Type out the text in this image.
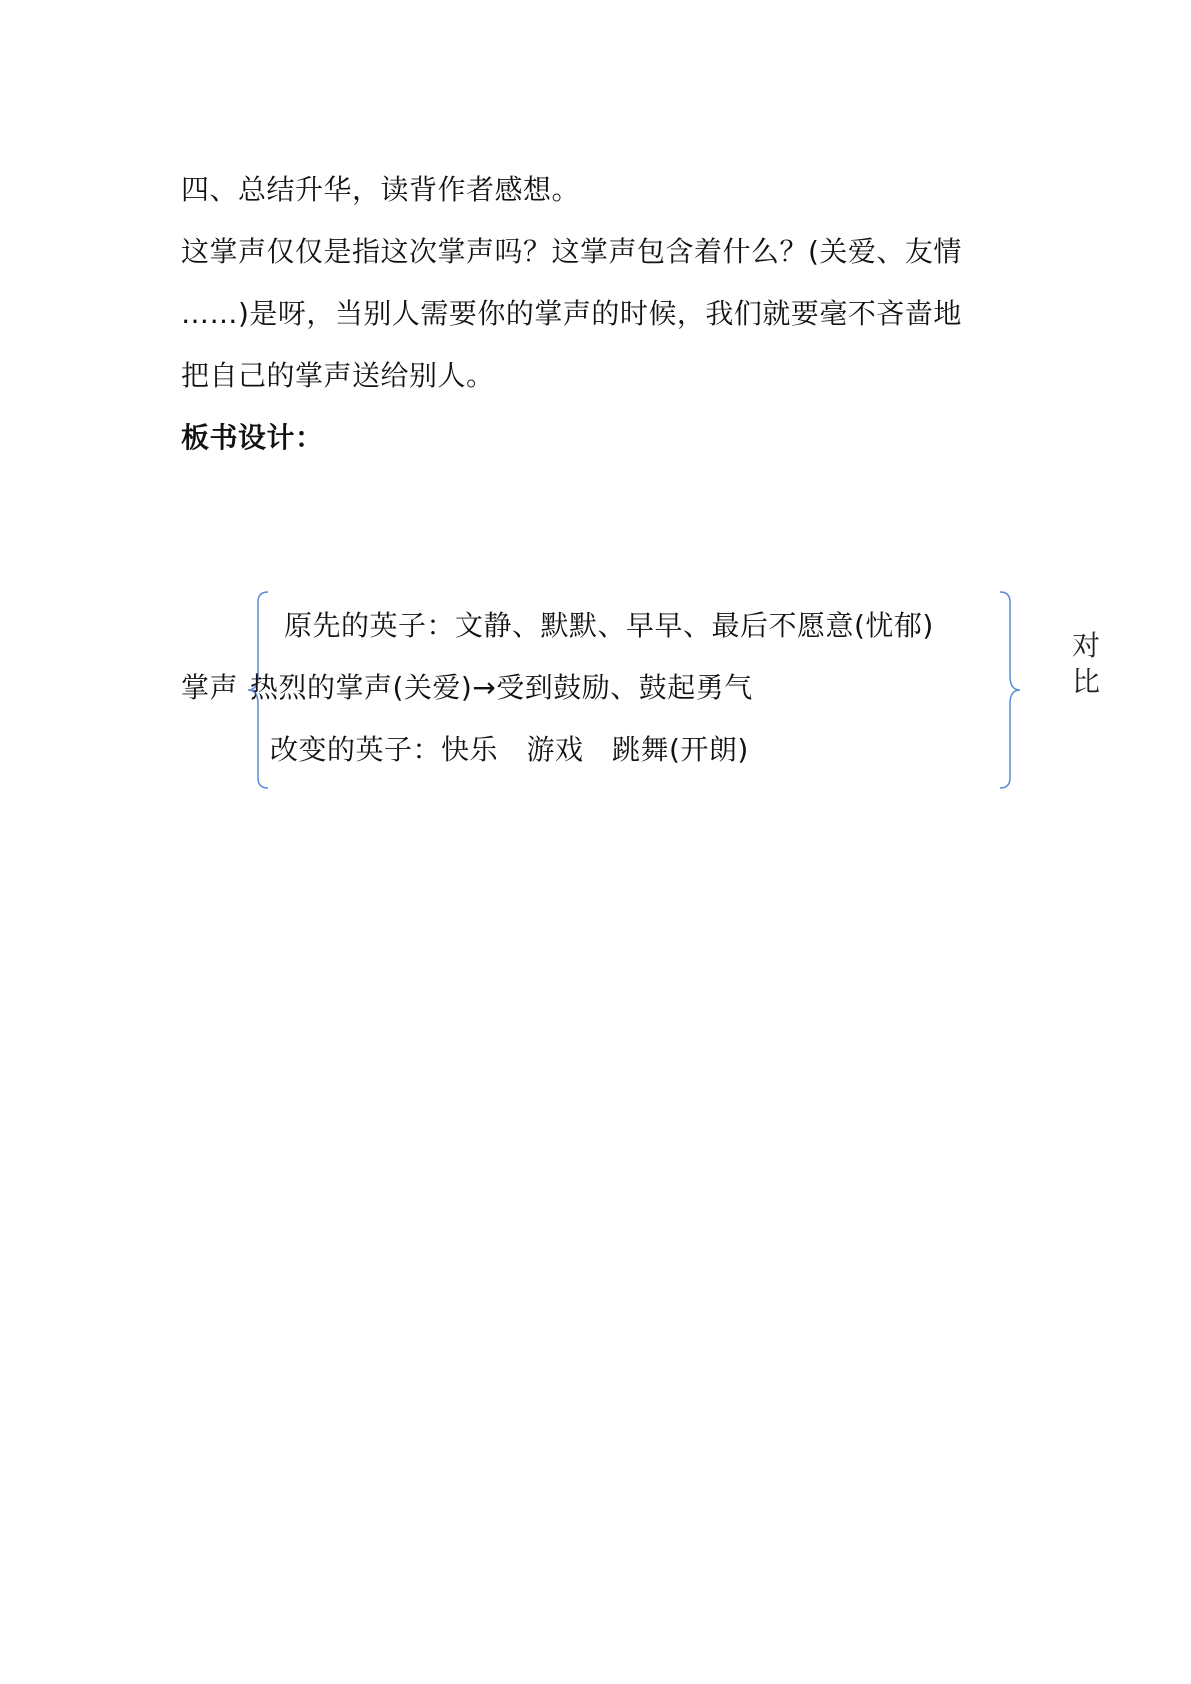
四、总结升华，读背作者感想。
这掌声仅仅是指这次掌声吗？这掌声包含着什么？(关爱、友情
……)是呀，当别人需要你的掌声的时候，我们就要毫不吝啬地
把自己的掌声送给别人。
板书设计：
掌声
原先的英子：文静、默默、早早、最后不愿意(忧郁)
热烈的掌声(关爱)→受到鼓励、鼓起勇气
改变的英子：快乐　游戏　跳舞(开朗)
对
比
